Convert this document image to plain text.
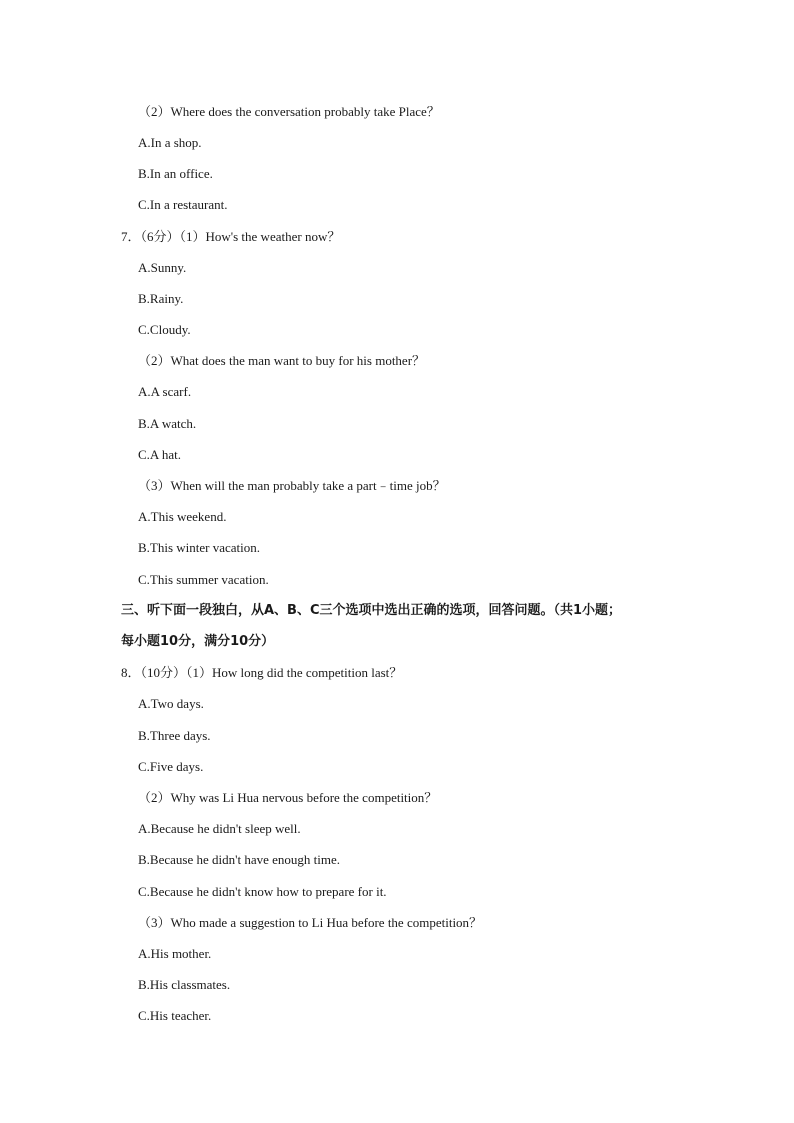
（2）Where does the conversation probably take Place？
A.In a shop.
B.In an office.
C.In a restaurant.
7．（6分）（1）How's the weather now？
A.Sunny.
B.Rainy.
C.Cloudy.
（2）What does the man want to buy for his mother？
A.A scarf.
B.A watch.
C.A hat.
（3）When will the man probably take a part﹣time job？
A.This weekend.
B.This winter vacation.
C.This summer vacation.
三、听下面一段独白，从A、B、C三个选项中选出正确的选项，回答问题。（共1小题；
每小题10分，满分10分）
8．（10分）（1）How long did the competition last？
A.Two days.
B.Three days.
C.Five days.
（2）Why was Li Hua nervous before the competition？
A.Because he didn't sleep well.
B.Because he didn't have enough time.
C.Because he didn't know how to prepare for it.
（3）Who made a suggestion to Li Hua before the competition？
A.His mother.
B.His classmates.
C.His teacher.
